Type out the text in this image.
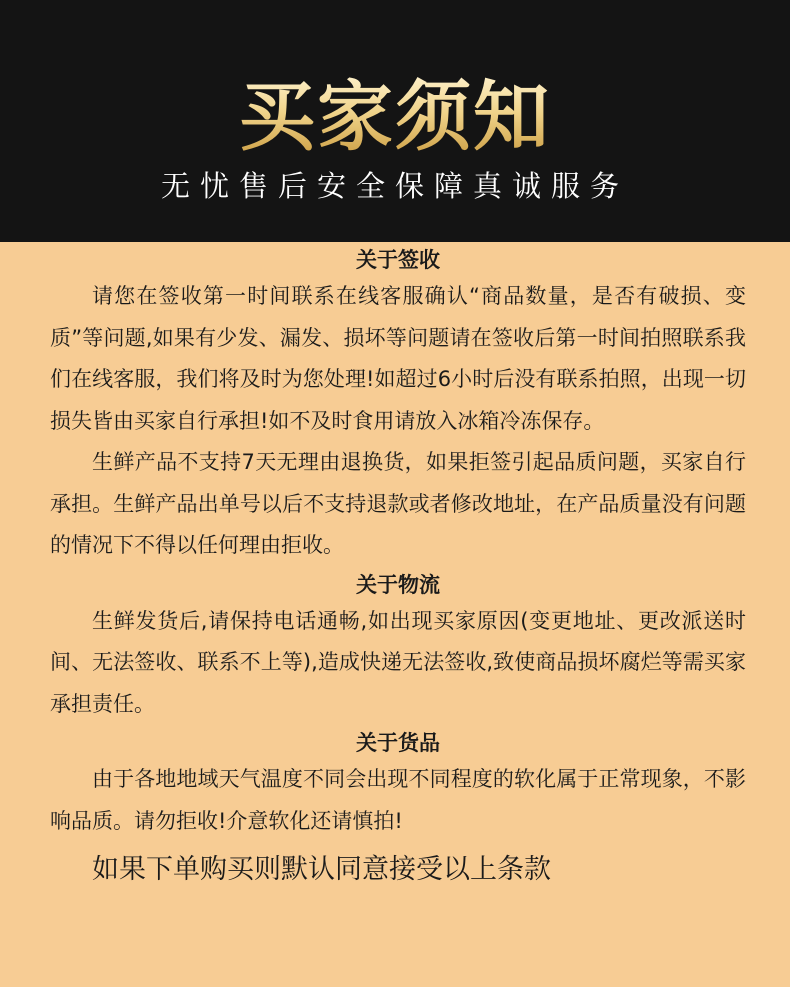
买家须知
无忧售后安全保障真诚服务
关于签收

请您在签收第一时间联系在线客服确认“商品数量，是否有破损、变质”等问题,如果有少发、漏发、损坏等问题请在签收后第一时间拍照联系我们在线客服，我们将及时为您处理!如超过6小时后没有联系拍照，出现一切损失皆由买家自行承担!如不及时食用请放入冰箱冷冻保存。

生鲜产品不支持7天无理由退换货，如果拒签引起品质问题，买家自行承担。生鲜产品出单号以后不支持退款或者修改地址，在产品质量没有问题的情况下不得以任何理由拒收。

关于物流

生鲜发货后,请保持电话通畅,如出现买家原因(变更地址、更改派送时间、无法签收、联系不上等),造成快递无法签收,致使商品损坏腐烂等需买家承担责任。

关于货品

由于各地地域天气温度不同会出现不同程度的软化属于正常现象，不影响品质。请勿拒收!介意软化还请慎拍!

如果下单购买则默认同意接受以上条款
